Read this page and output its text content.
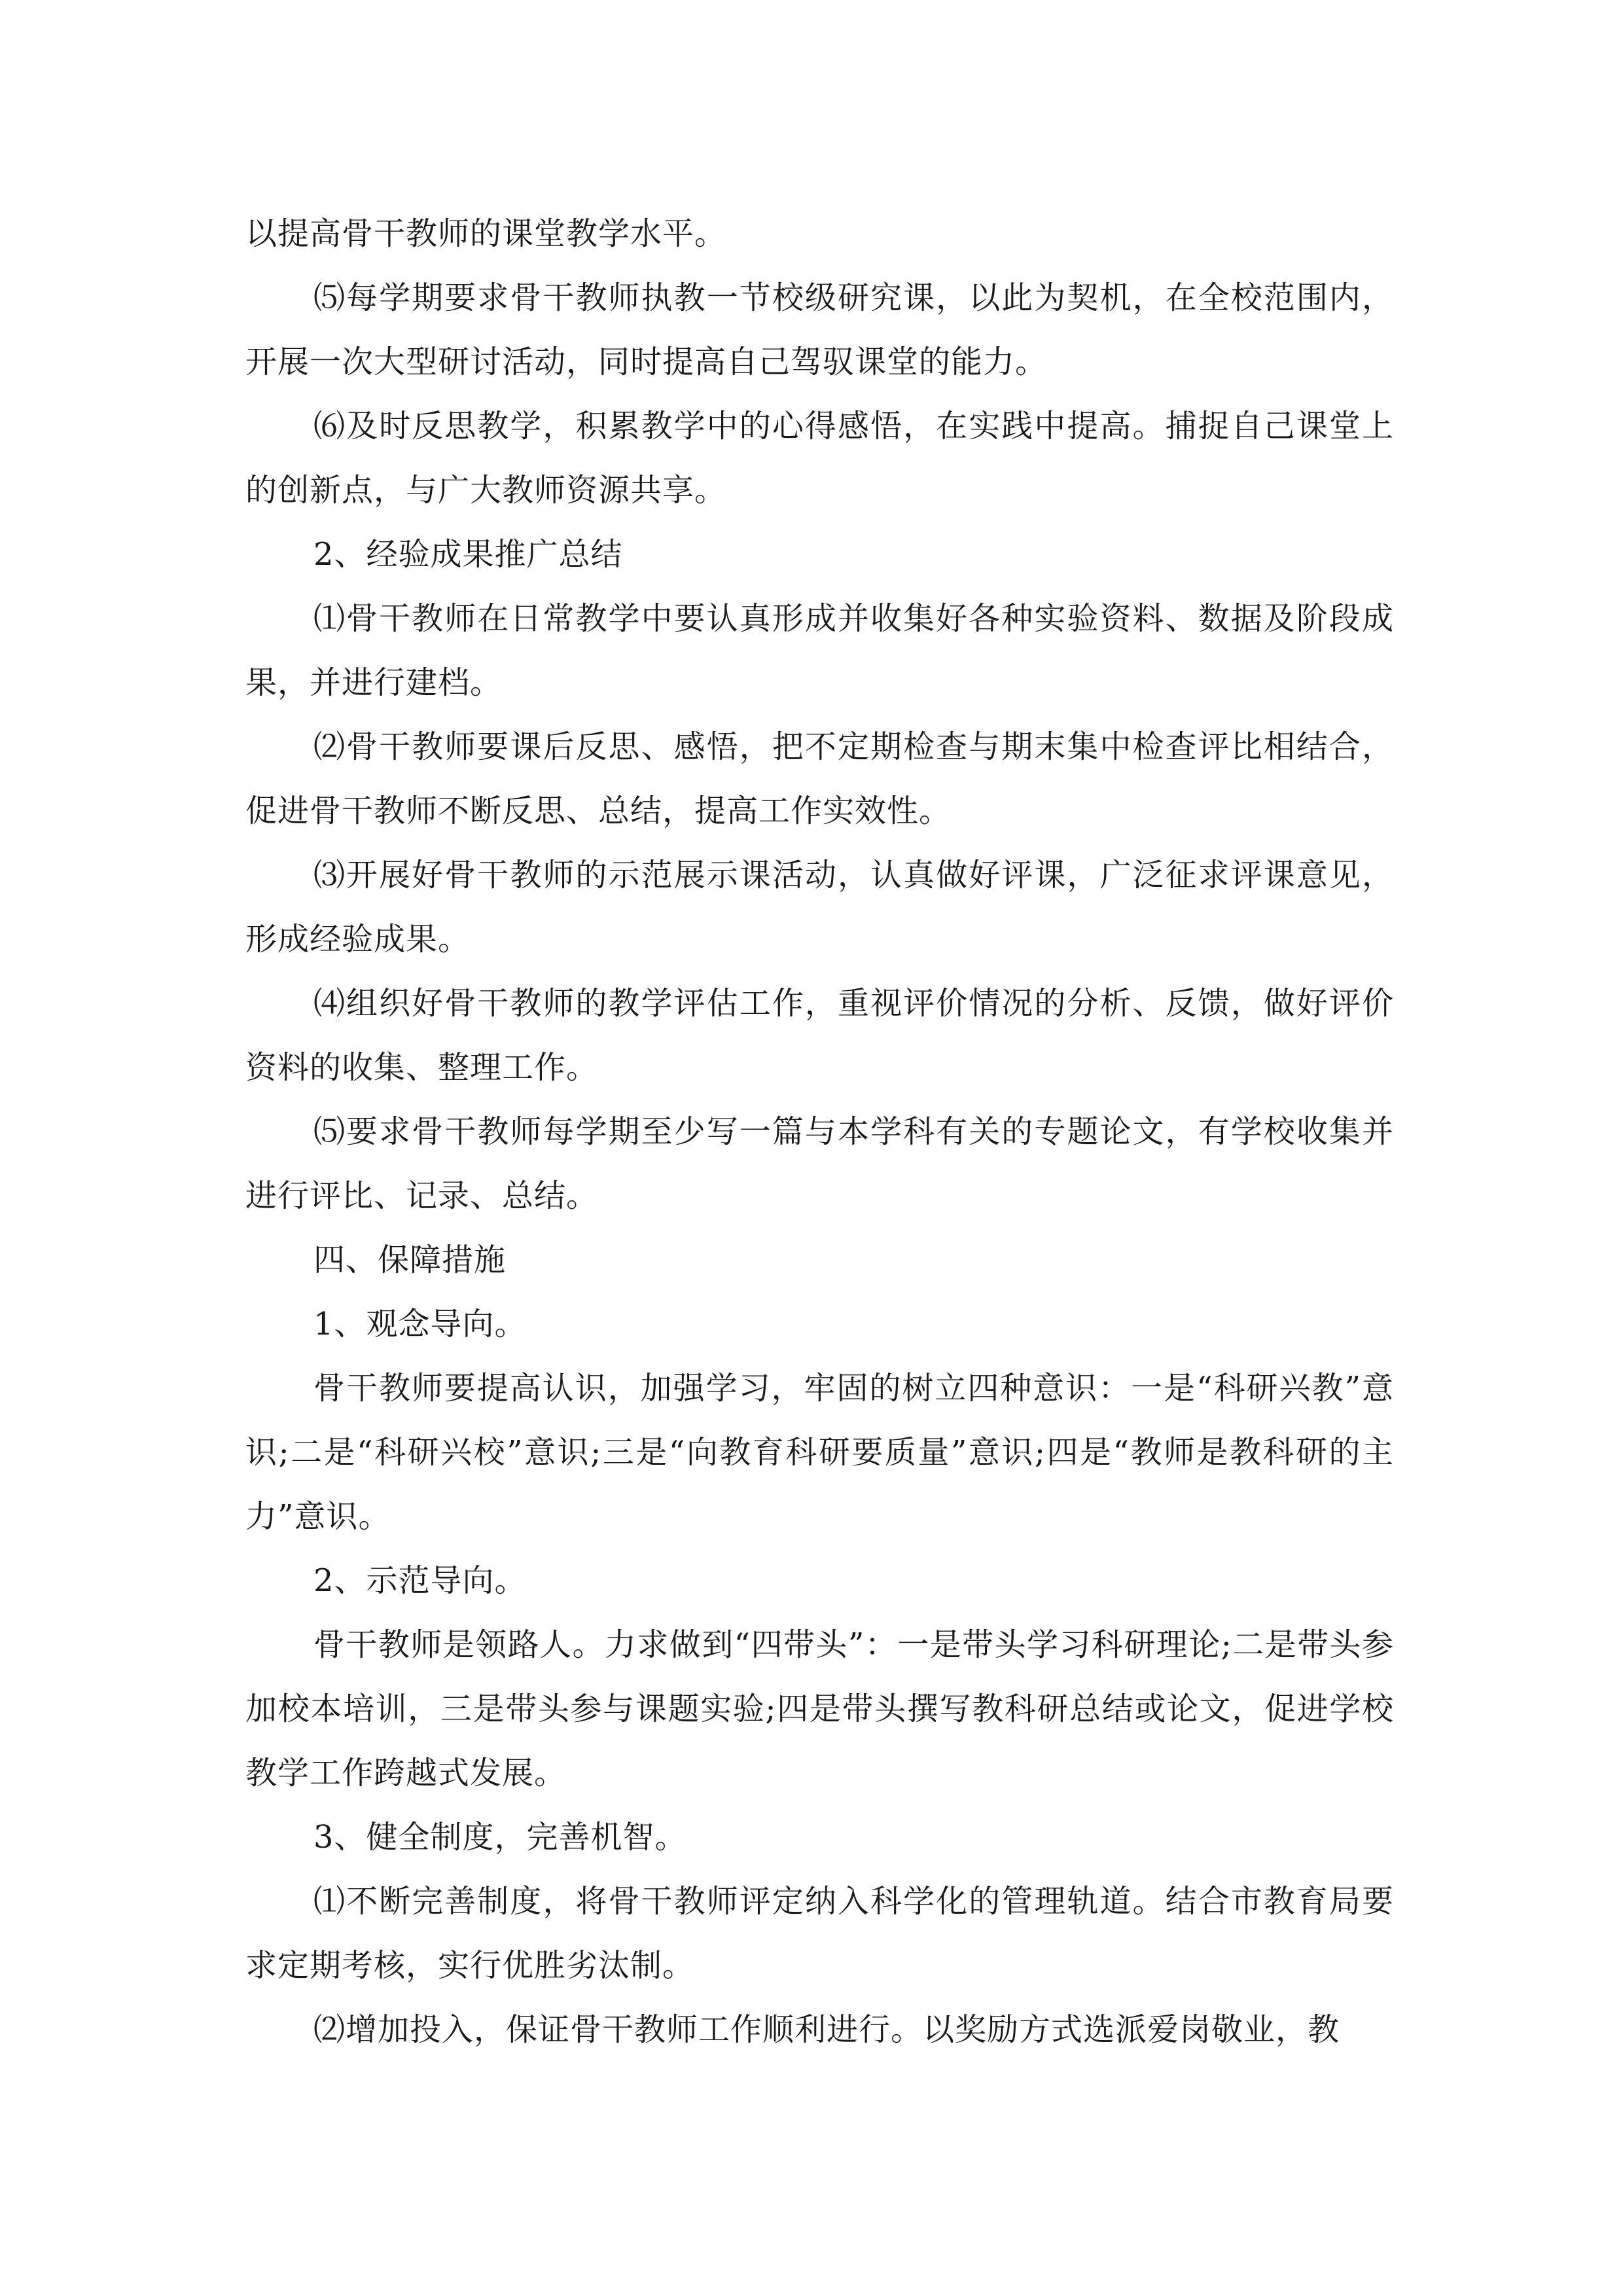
以提高骨干教师的课堂教学水平。

⑸每学期要求骨干教师执教一节校级研究课，以此为契机，在全校范围内，开展一次大型研讨活动，同时提高自己驾驭课堂的能力。

⑹及时反思教学，积累教学中的心得感悟，在实践中提高。捕捉自己课堂上的创新点，与广大教师资源共享。

2、经验成果推广总结

⑴骨干教师在日常教学中要认真形成并收集好各种实验资料、数据及阶段成果，并进行建档。

⑵骨干教师要课后反思、感悟，把不定期检查与期末集中检查评比相结合，促进骨干教师不断反思、总结，提高工作实效性。

⑶开展好骨干教师的示范展示课活动，认真做好评课，广泛征求评课意见，形成经验成果。

⑷组织好骨干教师的教学评估工作，重视评价情况的分析、反馈，做好评价资料的收集、整理工作。

⑸要求骨干教师每学期至少写一篇与本学科有关的专题论文，有学校收集并进行评比、记录、总结。

四、保障措施

1、观念导向。

骨干教师要提高认识，加强学习，牢固的树立四种意识：一是“科研兴教”意识;二是“科研兴校”意识;三是“向教育科研要质量”意识;四是“教师是教科研的主力”意识。

2、示范导向。

骨干教师是领路人。力求做到“四带头”：一是带头学习科研理论;二是带头参加校本培训，三是带头参与课题实验;四是带头撰写教科研总结或论文，促进学校教学工作跨越式发展。

3、健全制度，完善机智。

⑴不断完善制度，将骨干教师评定纳入科学化的管理轨道。结合市教育局要求定期考核，实行优胜劣汰制。

⑵增加投入，保证骨干教师工作顺利进行。以奖励方式选派爱岗敬业，教
